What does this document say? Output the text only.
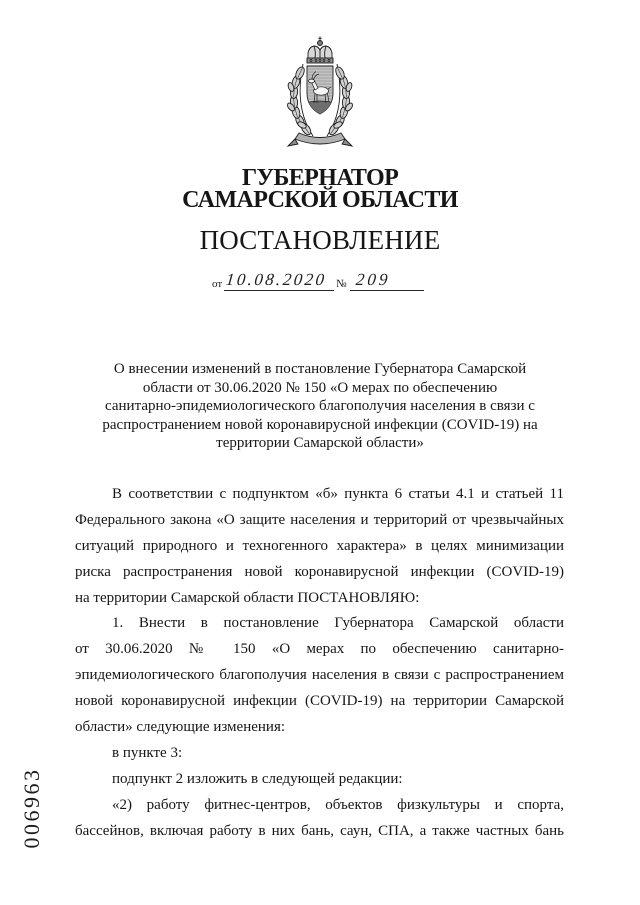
ГУБЕРНАТОР
САМАРСКОЙ ОБЛАСТИ
ПОСТАНОВЛЕНИЕ
от 10.08.2020 № 209
О внесении изменений в постановление Губернатора Самарской
области от 30.06.2020 № 150 «О мерах по обеспечению
санитарно-эпидемиологического благополучия населения в связи с
распространением новой коронавирусной инфекции (COVID-19) на
территории Самарской области»
В соответствии с подпунктом «б» пункта 6 статьи 4.1 и статьей 11
Федерального закона «О защите населения и территорий от чрезвычайных
ситуаций природного и техногенного характера» в целях минимизации
риска распространения новой коронавирусной инфекции (COVID-19)
на территории Самарской области ПОСТАНОВЛЯЮ:
1. Внести в постановление Губернатора Самарской области
от 30.06.2020 № 150 «О мерах по обеспечению санитарно-
эпидемиологического благополучия населения в связи с распространением
новой коронавирусной инфекции (COVID-19) на территории Самарской
области» следующие изменения:
в пункте 3:
подпункт 2 изложить в следующей редакции:
«2) работу фитнес-центров, объектов физкультуры и спорта,
бассейнов, включая работу в них бань, саун, СПА, а также частных бань
006963
